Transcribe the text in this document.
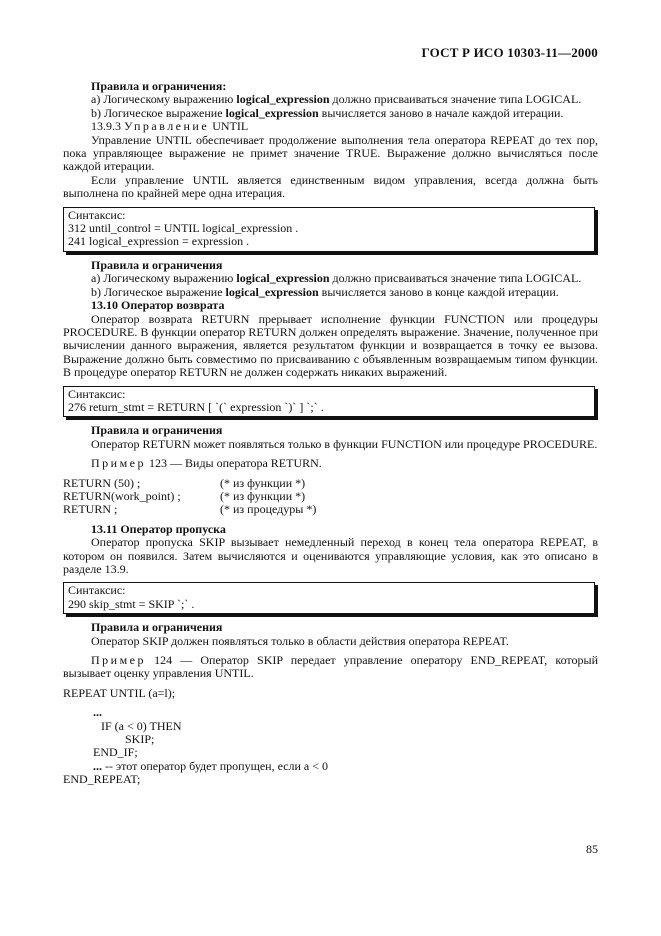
ГОСТ Р ИСО 10303-11—2000

Правила и ограничения:

a) Логическому выражению logical_expression должно присваиваться значение типа LOGICAL.

b) Логическое выражение logical_expression вычисляется заново в начале каждой итерации.

13.9.3 Управление UNTIL

Управление UNTIL обеспечивает продолжение выполнения тела оператора REPEAT до тех пор, пока управляющее выражение не примет значение TRUE. Выражение должно вычисляться после каждой итерации.

Если управление UNTIL является единственным видом управления, всегда должна быть выполнена по крайней мере одна итерация.

Синтаксис:

312 until_control = UNTIL logical_expression .

241 logical_expression = expression .

Правила и ограничения

a) Логическому выражению logical_expression должно присваиваться значение типа LOGICAL.

b) Логическое выражение logical_expression вычисляется заново в конце каждой итерации.

13.10 Оператор возврата

Оператор возврата RETURN прерывает исполнение функции FUNCTION или процедуры PROCEDURE. В функции оператор RETURN должен определять выражение. Значение, полученное при вычислении данного выражения, является результатом функции и возвращается в точку ее вызова. Выражение должно быть совместимо по присваиванию с объявленным возвращаемым типом функции. В процедуре оператор RETURN не должен содержать никаких выражений.

Синтаксис:

276 return_stmt = RETURN [ `(` expression `)` ] `;` .

Правила и ограничения

Оператор RETURN может появляться только в функции FUNCTION или процедуре PROCEDURE.

Пример 123 — Виды оператора RETURN.

RETURN (50) ;	(* из функции *)
RETURN(work_point) ;	(* из функции *)
RETURN ;	(* из процедуры *)

13.11 Оператор пропуска

Оператор пропуска SKIP вызывает немедленный переход в конец тела оператора REPEAT, в котором он появился. Затем вычисляются и оцениваются управляющие условия, как это описано в разделе 13.9.

Синтаксис:

290 skip_stmt = SKIP `;` .

Правила и ограничения

Оператор SKIP должен появляться только в области действия оператора REPEAT.

Пример 124 — Оператор SKIP передает управление оператору END_REPEAT, который вызывает оценку управления UNTIL.

REPEAT UNTIL (a=l);

...

IF (a < 0) THEN

SKIP;

END_IF;

... -- этот оператор будет пропущен, если a < 0

END_REPEAT;

85
